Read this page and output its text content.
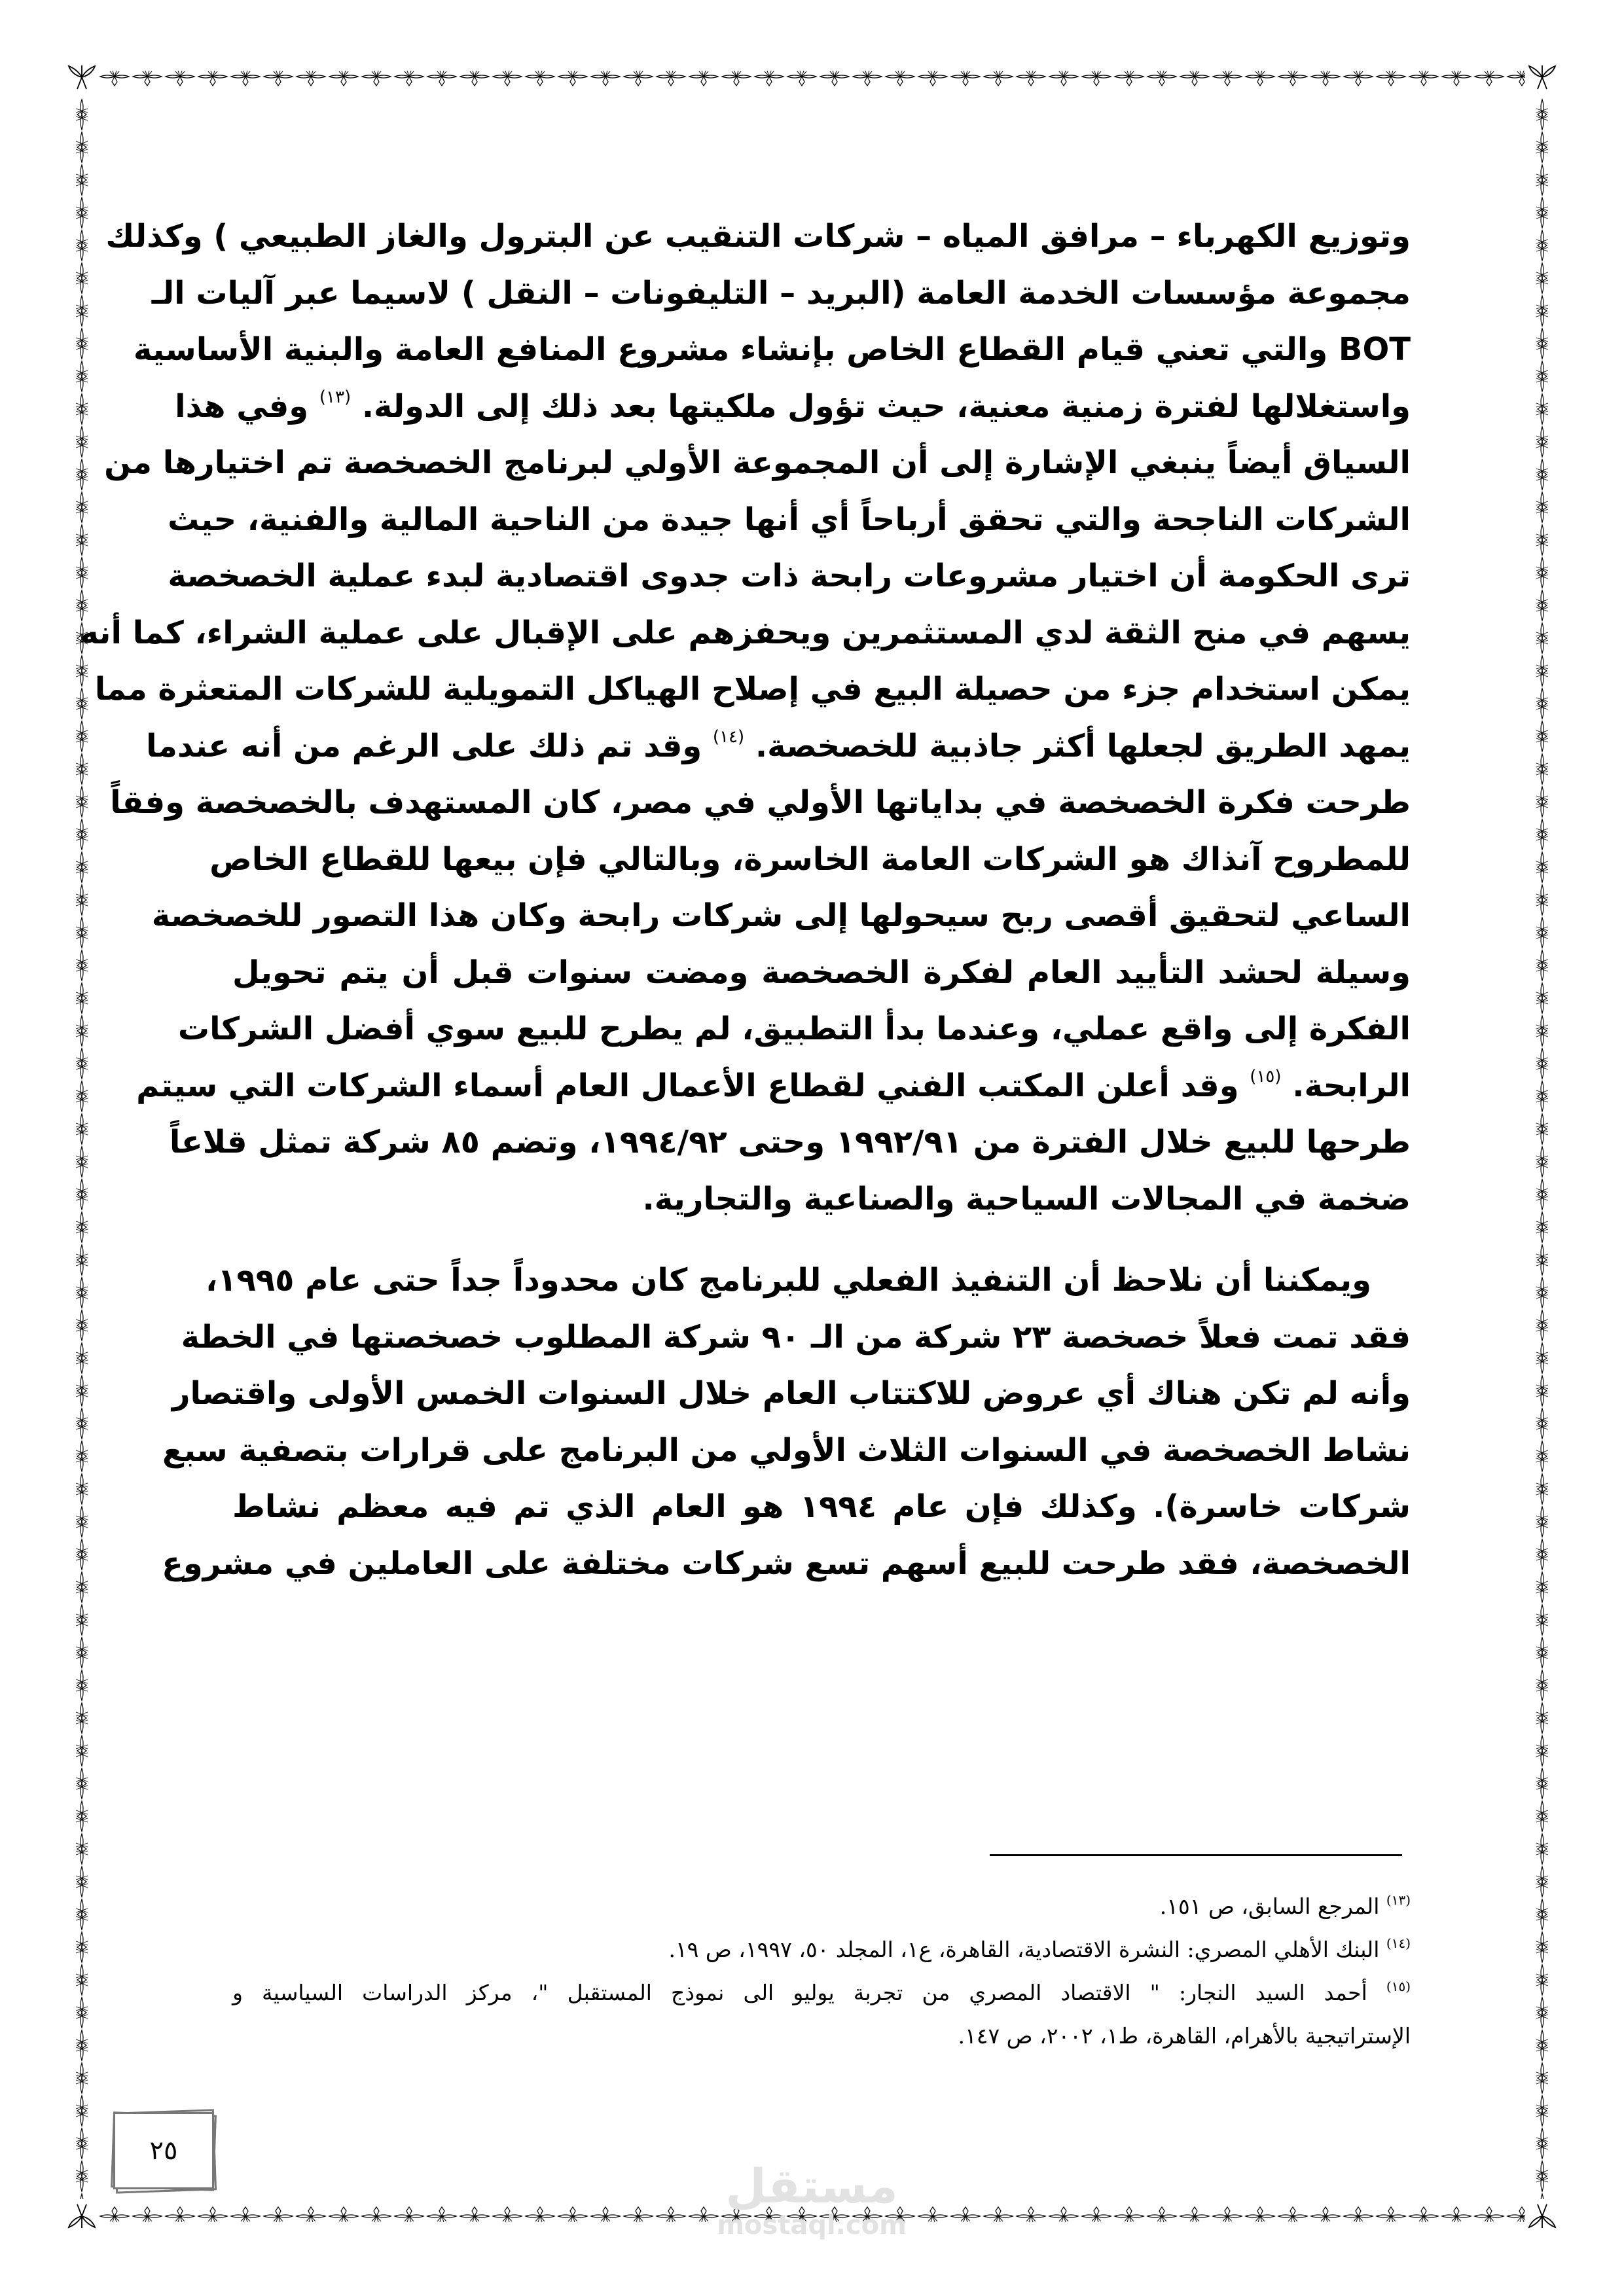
وتوزيع الكهرباء – مرافق المياه – شركات التنقيب عن البترول والغاز الطبيعي ) وكذلك
مجموعة مؤسسات الخدمة العامة (البريد – التليفونات – النقل ) لاسيما عبر آليات الـ
BOT والتي تعني قيام القطاع الخاص بإنشاء مشروع المنافع العامة والبنية الأساسية
واستغلالها لفترة زمنية معنية، حيث تؤول ملكيتها بعد ذلك إلى الدولة. $^{(١٣)}$ وفي هذا
السياق أيضاً ينبغي الإشارة إلى أن المجموعة الأولي لبرنامج الخصخصة تم اختيارها من
الشركات الناجحة والتي تحقق أرباحاً أي أنها جيدة من الناحية المالية والفنية، حيث
ترى الحكومة أن اختيار مشروعات رابحة ذات جدوى اقتصادية لبدء عملية الخصخصة
يسهم في منح الثقة لدي المستثمرين ويحفزهم على الإقبال على عملية الشراء، كما أنه
يمكن استخدام جزء من حصيلة البيع في إصلاح الهياكل التمويلية للشركات المتعثرة مما
يمهد الطريق لجعلها أكثر جاذبية للخصخصة. $^{(١٤)}$ وقد تم ذلك على الرغم من أنه عندما
طرحت فكرة الخصخصة في بداياتها الأولي في مصر، كان المستهدف بالخصخصة وفقاً
للمطروح آنذاك هو الشركات العامة الخاسرة، وبالتالي فإن بيعها للقطاع الخاص
الساعي لتحقيق أقصى ربح سيحولها إلى شركات رابحة وكان هذا التصور للخصخصة
وسيلة لحشد التأييد العام لفكرة الخصخصة ومضت سنوات قبل أن يتم تحويل
الفكرة إلى واقع عملي، وعندما بدأ التطبيق، لم يطرح للبيع سوي أفضل الشركات
الرابحة. $^{(١٥)}$ وقد أعلن المكتب الفني لقطاع الأعمال العام أسماء الشركات التي سيتم
طرحها للبيع خلال الفترة من ١٩٩٢/٩١ وحتى ١٩٩٤/٩٢، وتضم ٨٥ شركة تمثل قلاعاً
ضخمة في المجالات السياحية والصناعية والتجارية.
ويمكننا أن نلاحظ أن التنفيذ الفعلي للبرنامج كان محدوداً جداً حتى عام ١٩٩٥،
فقد تمت فعلاً خصخصة ٢٣ شركة من الـ ٩٠ شركة المطلوب خصخصتها في الخطة
وأنه لم تكن هناك أي عروض للاكتتاب العام خلال السنوات الخمس الأولى واقتصار
نشاط الخصخصة في السنوات الثلاث الأولي من البرنامج على قرارات بتصفية سبع
شركات خاسرة). وكذلك فإن عام ١٩٩٤ هو العام الذي تم فيه معظم نشاط
الخصخصة، فقد طرحت للبيع أسهم تسع شركات مختلفة على العاملين في مشروع
$^{(١٣)}$ المرجع السابق، ص ١٥١.
$^{(١٤)}$ البنك الأهلي المصري: النشرة الاقتصادية، القاهرة، ع١، المجلد ٥٠، ١٩٩٧، ص ١٩.
$^{(١٥)}$ أحمد السيد النجار: " الاقتصاد المصري من تجربة يوليو الى نموذج المستقبل "، مركز الدراسات السياسية و
الإستراتيجية بالأهرام، القاهرة، ط١، ٢٠٠٢، ص ١٤٧.
٢٥
مستقل
mostaql.com
